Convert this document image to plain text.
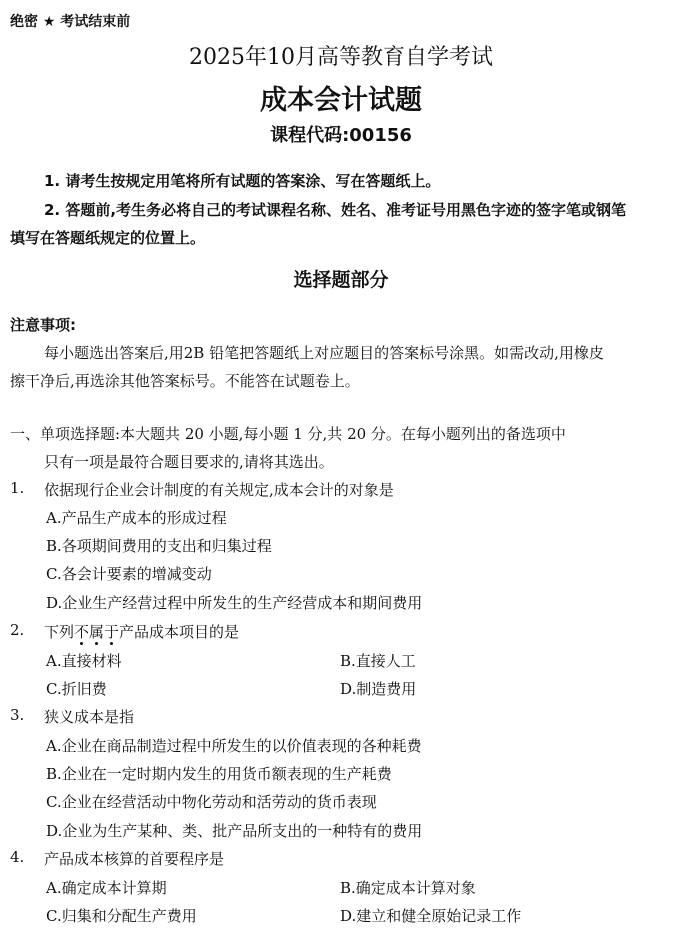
绝密 ★ 考试结束前
2025年10月高等教育自学考试
成本会计试题
课程代码:00156
1. 请考生按规定用笔将所有试题的答案涂、写在答题纸上。
2. 答题前,考生务必将自己的考试课程名称、姓名、准考证号用黑色字迹的签字笔或钢笔
填写在答题纸规定的位置上。
选择题部分
注意事项:
每小题选出答案后,用2B 铅笔把答题纸上对应题目的答案标号涂黑。如需改动,用橡皮
擦干净后,再选涂其他答案标号。不能答在试题卷上。
一、单项选择题:本大题共 20 小题,每小题 1 分,共 20 分。在每小题列出的备选项中
只有一项是最符合题目要求的,请将其选出。
1. 依据现行企业会计制度的有关规定,成本会计的对象是
A.产品生产成本的形成过程
B.各项期间费用的支出和归集过程
C.各会计要素的增减变动
D.企业生产经营过程中所发生的生产经营成本和期间费用
2. 下列不属于
产品成本项目的是
A.直接材料	B.直接人工
C.折旧费	D.制造费用
3. 狭义成本是指
A.企业在商品制造过程中所发生的以价值表现的各种耗费
B.企业在一定时期内发生的用货币额表现的生产耗费
C.企业在经营活动中物化劳动和活劳动的货币表现
D.企业为生产某种、类、批产品所支出的一种特有的费用
4. 产品成本核算的首要程序是
A.确定成本计算期	B.确定成本计算对象
C.归集和分配生产费用	D.建立和健全原始记录工作
